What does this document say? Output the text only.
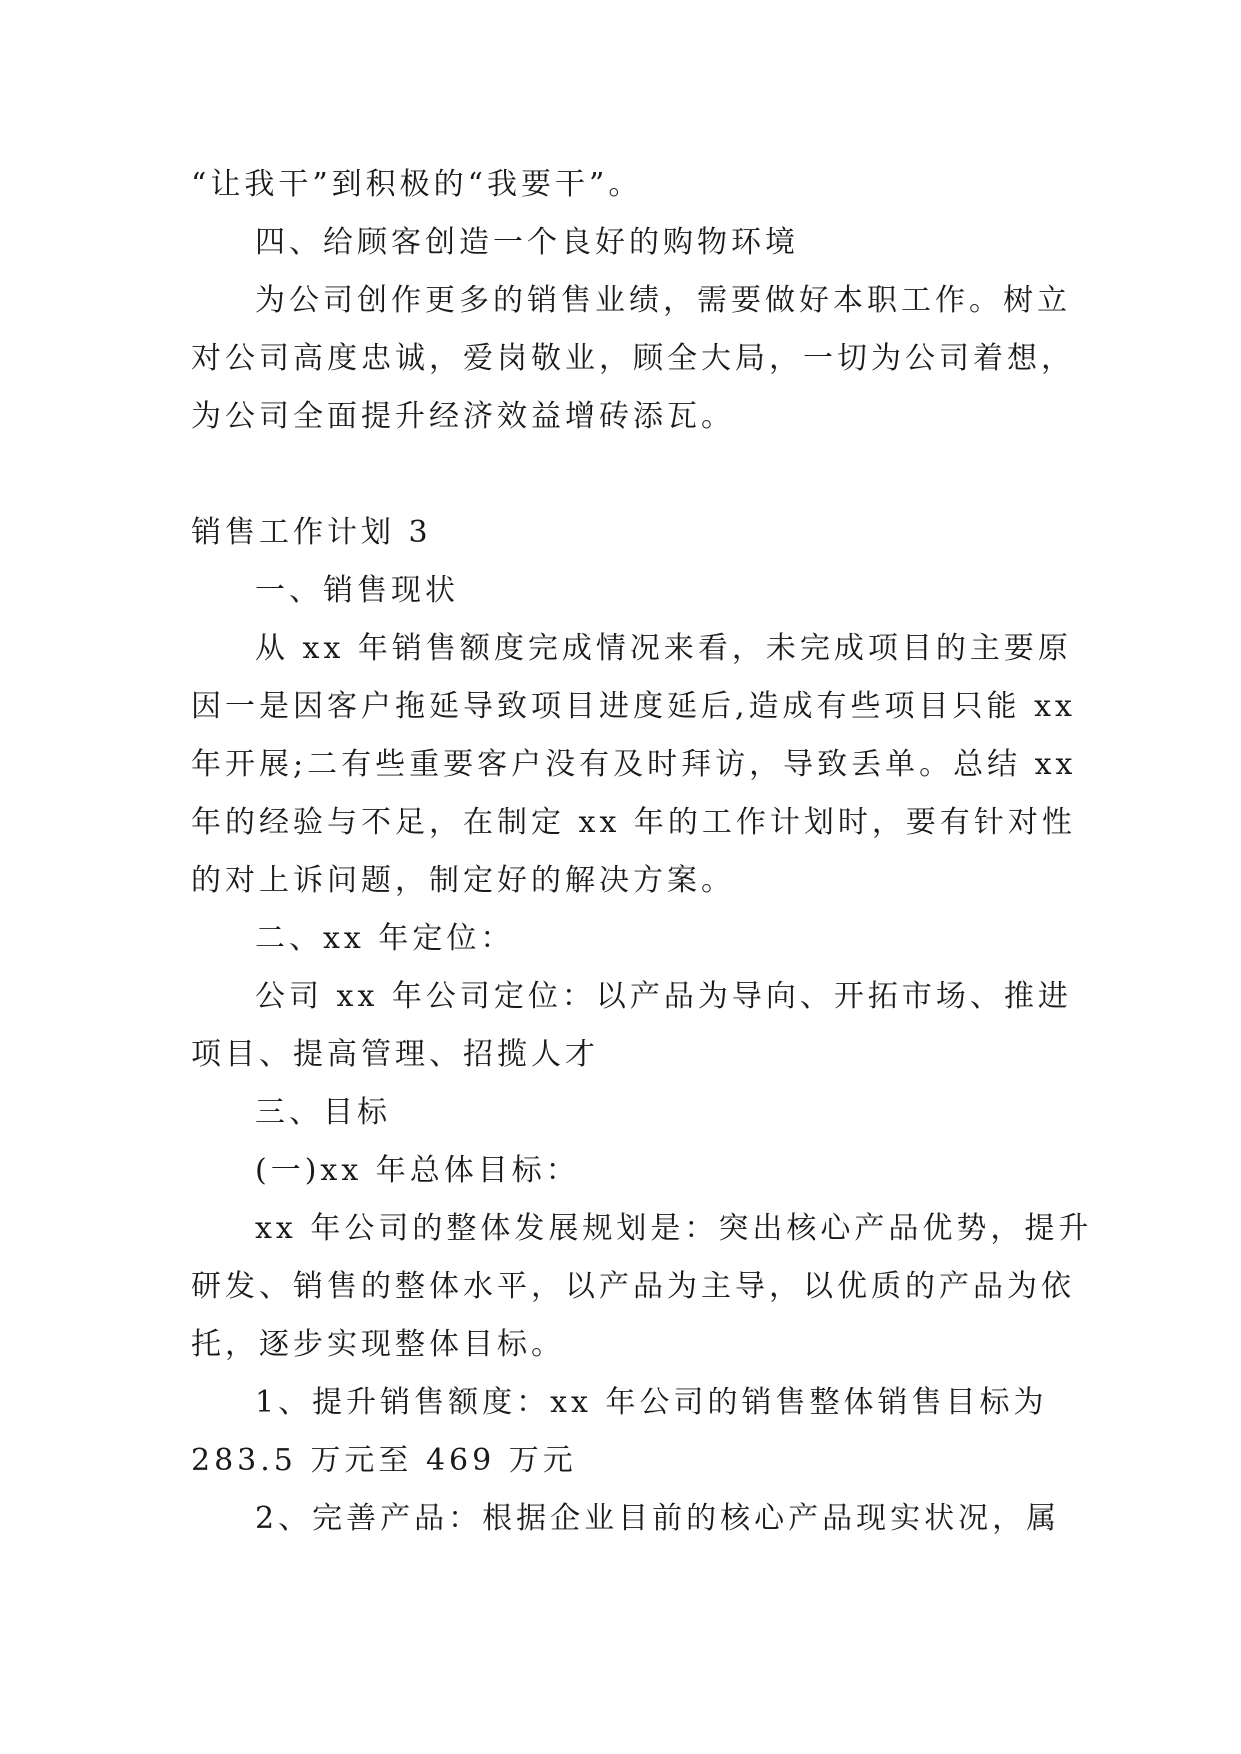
“让我干”到积极的“我要干”。
四、给顾客创造一个良好的购物环境
为公司创作更多的销售业绩，需要做好本职工作。树立
对公司高度忠诚，爱岗敬业，顾全大局，一切为公司着想，
为公司全面提升经济效益增砖添瓦。
销售工作计划 3
一、销售现状
从 xx 年销售额度完成情况来看，未完成项目的主要原
因一是因客户拖延导致项目进度延后,造成有些项目只能 xx
年开展;二有些重要客户没有及时拜访，导致丢单。总结 xx
年的经验与不足，在制定 xx 年的工作计划时，要有针对性
的对上诉问题，制定好的解决方案。
二、xx 年定位：
公司 xx 年公司定位：以产品为导向、开拓市场、推进
项目、提高管理、招揽人才
三、目标
(一)xx 年总体目标：
xx 年公司的整体发展规划是：突出核心产品优势，提升
研发、销售的整体水平，以产品为主导，以优质的产品为依
托，逐步实现整体目标。
1、提升销售额度：xx 年公司的销售整体销售目标为
283.5 万元至 469 万元
2、完善产品：根据企业目前的核心产品现实状况，属
